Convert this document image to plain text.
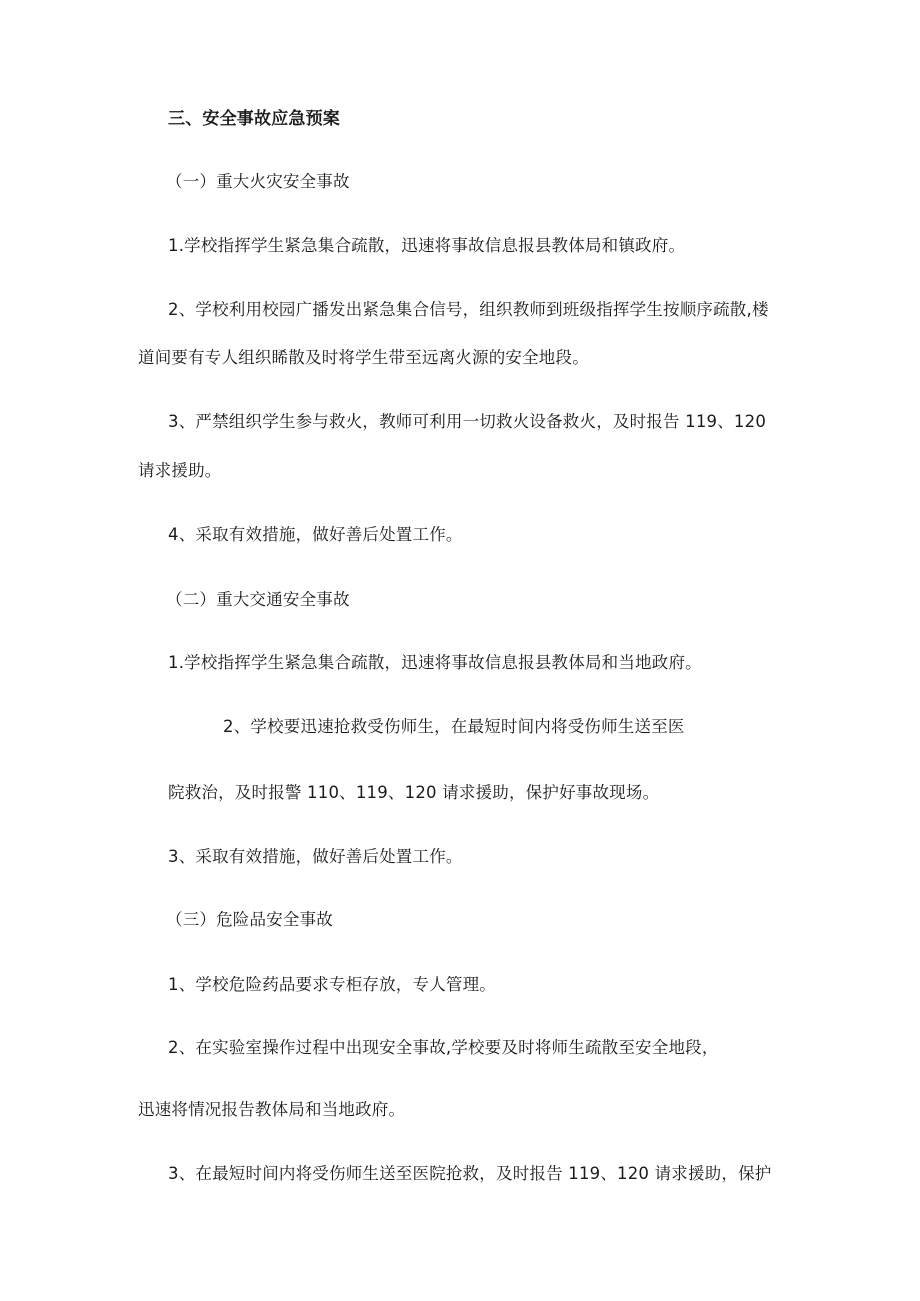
三、安全事故应急预案
（一）重大火灾安全事故
1.学校指挥学生紧急集合疏散，迅速将事故信息报县教体局和镇政府。
2、学校利用校园广播发出紧急集合信号，组织教师到班级指挥学生按顺序疏散,楼
道间要有专人组织睎散及时将学生带至远离火源的安全地段。
3、严禁组织学生参与救火，教师可利用一切救火设备救火，及时报告 119、120
请求援助。
4、采取有效措施，做好善后处置工作。
（二）重大交通安全事故
1.学校指挥学生紧急集合疏散，迅速将事故信息报县教体局和当地政府。
2、学校要迅速抢救受伤师生，在最短时间内将受伤师生送至医
院救治，及时报警 110、119、120 请求援助，保护好事故现场。
3、采取有效措施，做好善后处置工作。
（三）危险品安全事故
1、学校危险药品要求专柜存放，专人管理。
2、在实验室操作过程中出现安全事故,学校要及时将师生疏散至安全地段，
迅速将情况报告教体局和当地政府。
3、在最短时间内将受伤师生送至医院抢救，及时报告 119、120 请求援助，保护
